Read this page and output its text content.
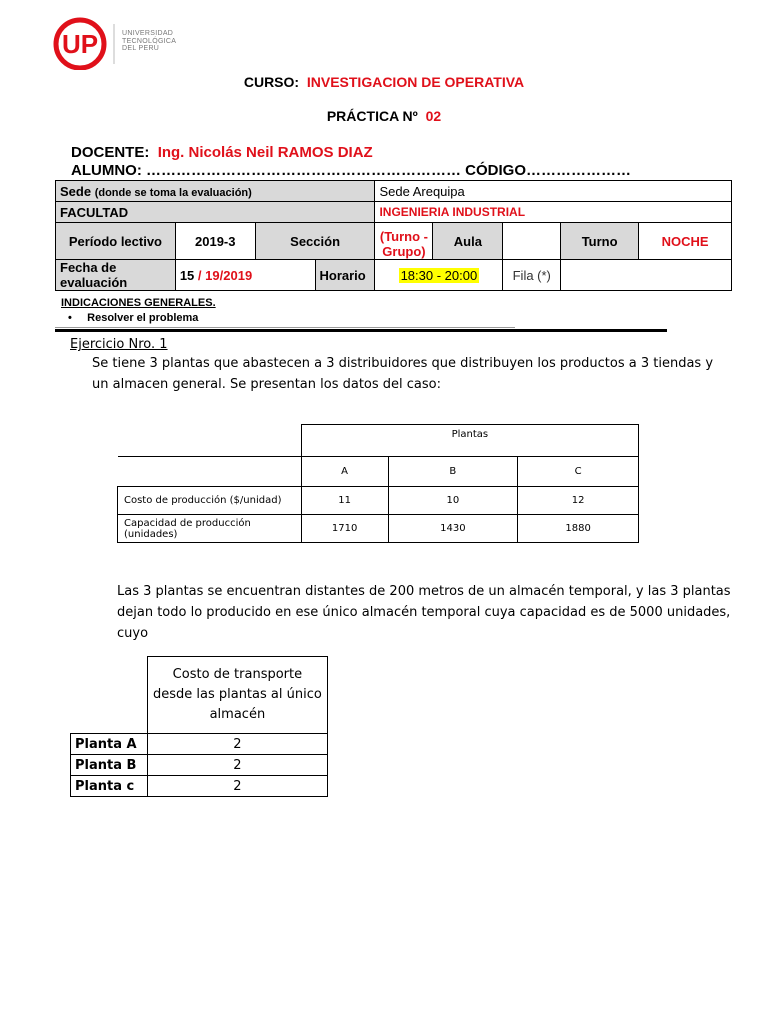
UP	UNIVERSIDAD
TECNOLÓGICA
DEL PERÚ
CURSO: INVESTIGACION DE OPERATIVA
PRÁCTICA Nº 02
DOCENTE: Ing. Nicolás Neil RAMOS DIAZ
ALUMNO: ……………………………………………………… CÓDIGO…………………
Sede (donde se toma la evaluación)				Sede Arequipa				
FACULTAD				INGENIERIA INDUSTRIAL				
Período lectivo	2019-3	Sección		(Turno - Grupo)	Aula		Turno	NOCHE
Fecha de evaluación	15 / 19/2019		Horario	18:30 - 20:00		Fila (*)		
INDICACIONES GENERALES.
•     Resolver el problema
Ejercicio Nro. 1
Se tiene 3 plantas que abastecen a 3 distribuidores que distribuyen los productos a 3 tiendas y un almacen general. Se presentan los datos del caso:
	Plantas		
	A	B	C
Costo de producción ($/unidad)	11	10	12
Capacidad de producción (unidades)	1710	1430	1880
Las 3 plantas se encuentran distantes de 200 metros de un almacén temporal, y las 3 plantas dejan todo lo producido en ese único almacén temporal cuya capacidad es de 5000 unidades, cuyo
	Costo de transporte desde las plantas al único almacén
Planta A	2
Planta B	2
Planta c	2
